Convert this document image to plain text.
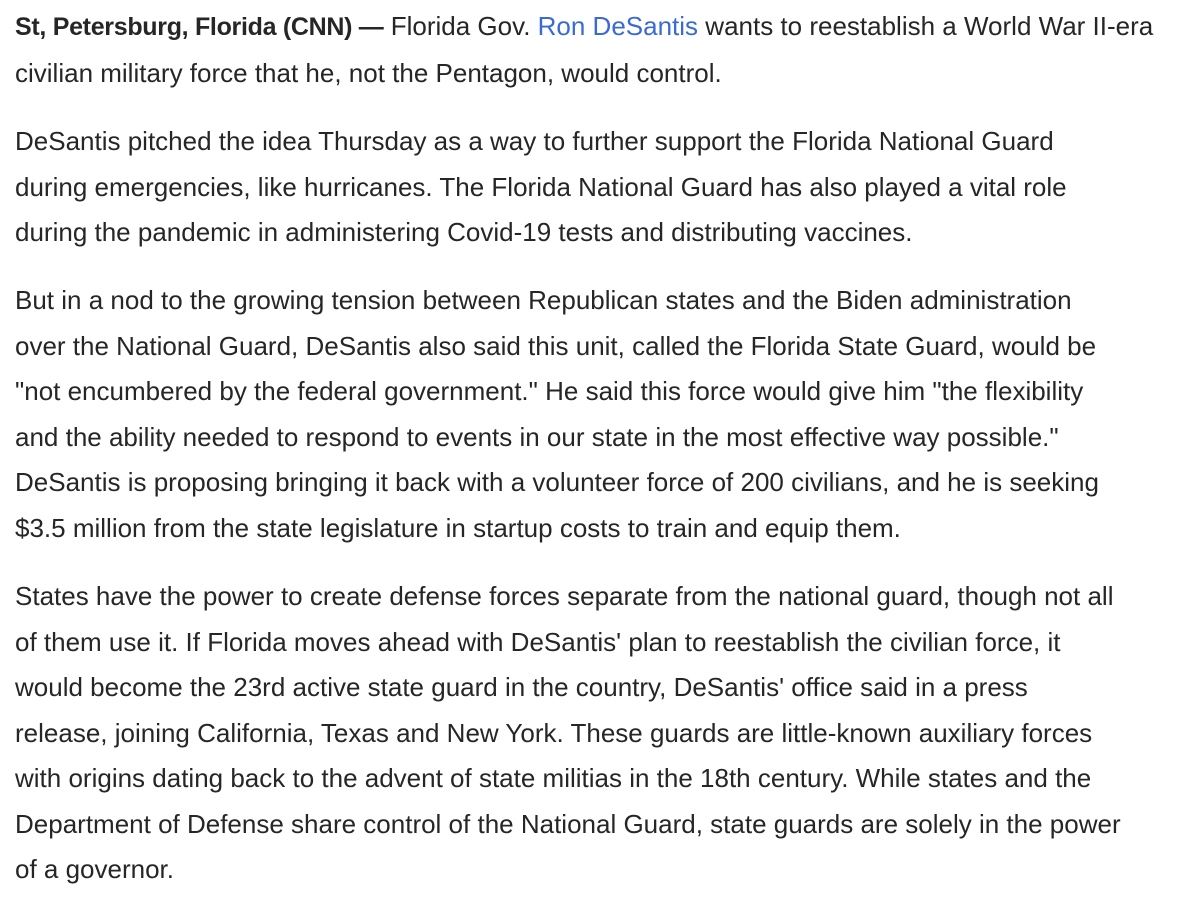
St, Petersburg, Florida (CNN) — Florida Gov. Ron DeSantis wants to reestablish a World War II-era
civilian military force that he, not the Pentagon, would control.

DeSantis pitched the idea Thursday as a way to further support the Florida National Guard
during emergencies, like hurricanes. The Florida National Guard has also played a vital role
during the pandemic in administering Covid-19 tests and distributing vaccines.

But in a nod to the growing tension between Republican states and the Biden administration
over the National Guard, DeSantis also said this unit, called the Florida State Guard, would be
"not encumbered by the federal government." He said this force would give him "the flexibility
and the ability needed to respond to events in our state in the most effective way possible."
DeSantis is proposing bringing it back with a volunteer force of 200 civilians, and he is seeking
$3.5 million from the state legislature in startup costs to train and equip them.

States have the power to create defense forces separate from the national guard, though not all
of them use it. If Florida moves ahead with DeSantis' plan to reestablish the civilian force, it
would become the 23rd active state guard in the country, DeSantis' office said in a press
release, joining California, Texas and New York. These guards are little-known auxiliary forces
with origins dating back to the advent of state militias in the 18th century. While states and the
Department of Defense share control of the National Guard, state guards are solely in the power
of a governor.
